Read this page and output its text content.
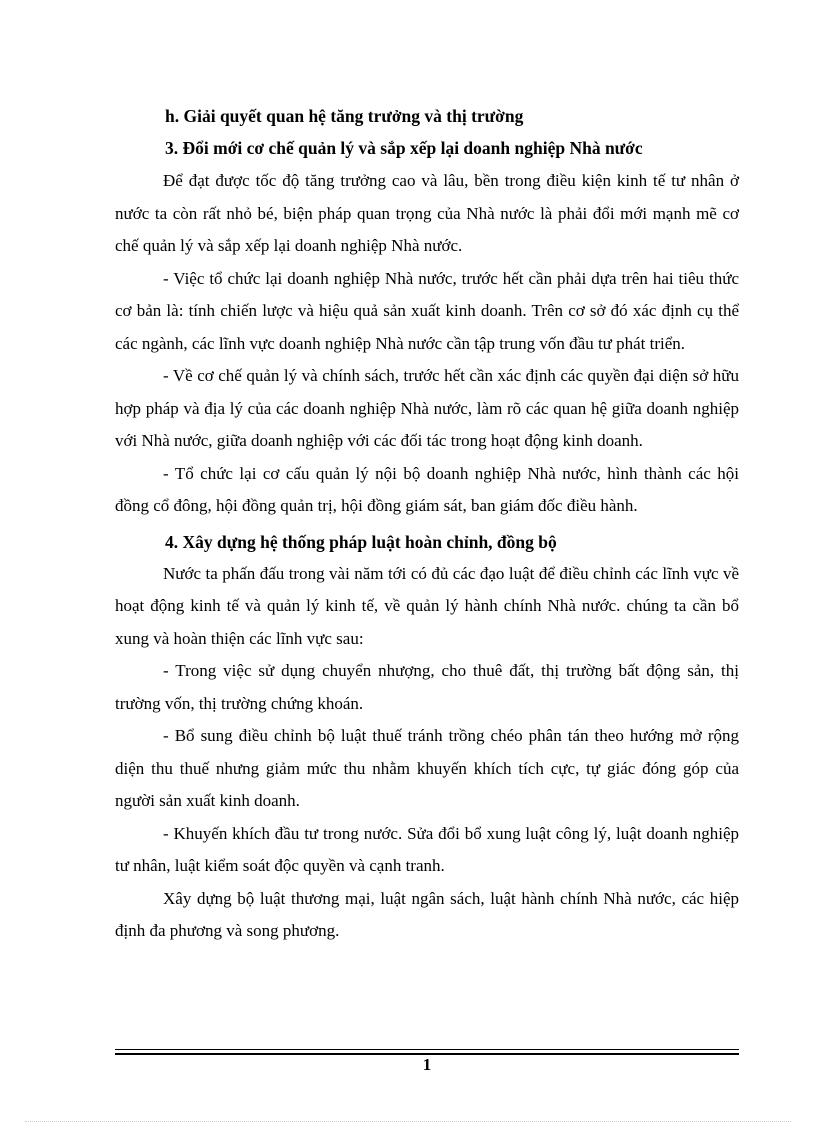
h. Giải quyết quan hệ tăng trưởng và thị trường

3. Đổi mới cơ chế quản lý và sắp xếp lại doanh nghiệp Nhà nước

Để đạt được tốc độ tăng trưởng cao và lâu, bền trong điều kiện kinh tế tư nhân ở nước ta còn rất nhỏ bé, biện pháp quan trọng của Nhà nước là phải đổi mới mạnh mẽ cơ chế quản lý và sắp xếp lại doanh nghiệp Nhà nước.

- Việc tổ chức lại doanh nghiệp Nhà nước, trước hết cần phải dựa trên hai tiêu thức cơ bản là: tính chiến lược và hiệu quả sản xuất kinh doanh. Trên cơ sở đó xác định cụ thể các ngành, các lĩnh vực doanh nghiệp Nhà nước cần tập trung vốn đầu tư phát triển.

- Về cơ chế quản lý và chính sách, trước hết cần xác định các quyền đại diện sở hữu hợp pháp và địa lý của các doanh nghiệp Nhà nước, làm rõ các quan hệ giữa doanh nghiệp với Nhà nước, giữa doanh nghiệp với các đối tác trong hoạt động kinh doanh.

- Tổ chức lại cơ cấu quản lý nội bộ doanh nghiệp Nhà nước, hình thành các hội đồng cổ đông, hội đồng quản trị, hội đồng giám sát, ban giám đốc điều hành.

4. Xây dựng hệ thống pháp luật hoàn chỉnh, đồng bộ

Nước ta phấn đấu trong vài năm tới có đủ các đạo luật để điều chỉnh các lĩnh vực về hoạt động kinh tế và quản lý kinh tế, về quản lý hành chính Nhà nước. chúng ta cần bổ xung và hoàn thiện các lĩnh vực sau:

- Trong việc sử dụng chuyển nhượng, cho thuê đất, thị trường bất động sản, thị trường vốn, thị trường chứng khoán.

- Bổ sung điều chỉnh bộ luật thuế tránh trồng chéo phân tán theo hướng mở rộng diện thu thuế nhưng giảm mức thu nhằm khuyến khích tích cực, tự giác đóng góp của người sản xuất kinh doanh.

- Khuyến khích đầu tư trong nước. Sửa đổi bổ xung luật công lý, luật doanh nghiệp tư nhân, luật kiểm soát độc quyền và cạnh tranh.

Xây dựng bộ luật thương mại, luật ngân sách, luật hành chính Nhà nước, các hiệp định đa phương và song phương.

1
